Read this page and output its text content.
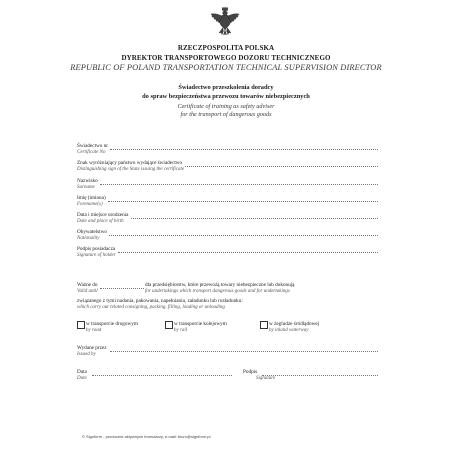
RZECZPOSPOLITA POLSKA
DYREKTOR TRANSPORTOWEGO DOZORU TECHNICZNEGO
REPUBLIC OF POLAND TRANSPORTATION TECHNICAL SUPERVISION DIRECTOR
Świadectwo przeszkolenia doradcy
do spraw bezpieczeństwa przewozu towarów niebezpiecznych
Certificate of training as safety adviser
for the transport of dangerous goods
Świadectwo nr
Certificate No
Znak wyróżniający państwo wydające świadectwo
Distinguishing sign of the State issuing the certificate
Nazwisko
Surname
Imię (imiona)
Forename(s)
Data i miejsce urodzenia
Date and place of birth
Obywatelstwo
Nationality
Podpis posiadacza
Signature of holder
Ważne do	dla przedsiębiorstw, które przewożą towary niebezpieczne lub dokonują
Valid until	for undertakings which transport dangerous goods and for undertakings
związanego z tymi nadania, pakowania, napełniania, załadunku lub rozładunku:
which carry out related consigning, packing, filling, loading or unloading
w transporcie drogowym
by road
w transporcie kolejowym
by rail
w żegludze śródlądowej
by inland waterway
Wydane przez
Issued by
Data
Date
Podpis
Signature
© Signform - producent aktywnych formularzy, e-mail: biuro@signform.pl
